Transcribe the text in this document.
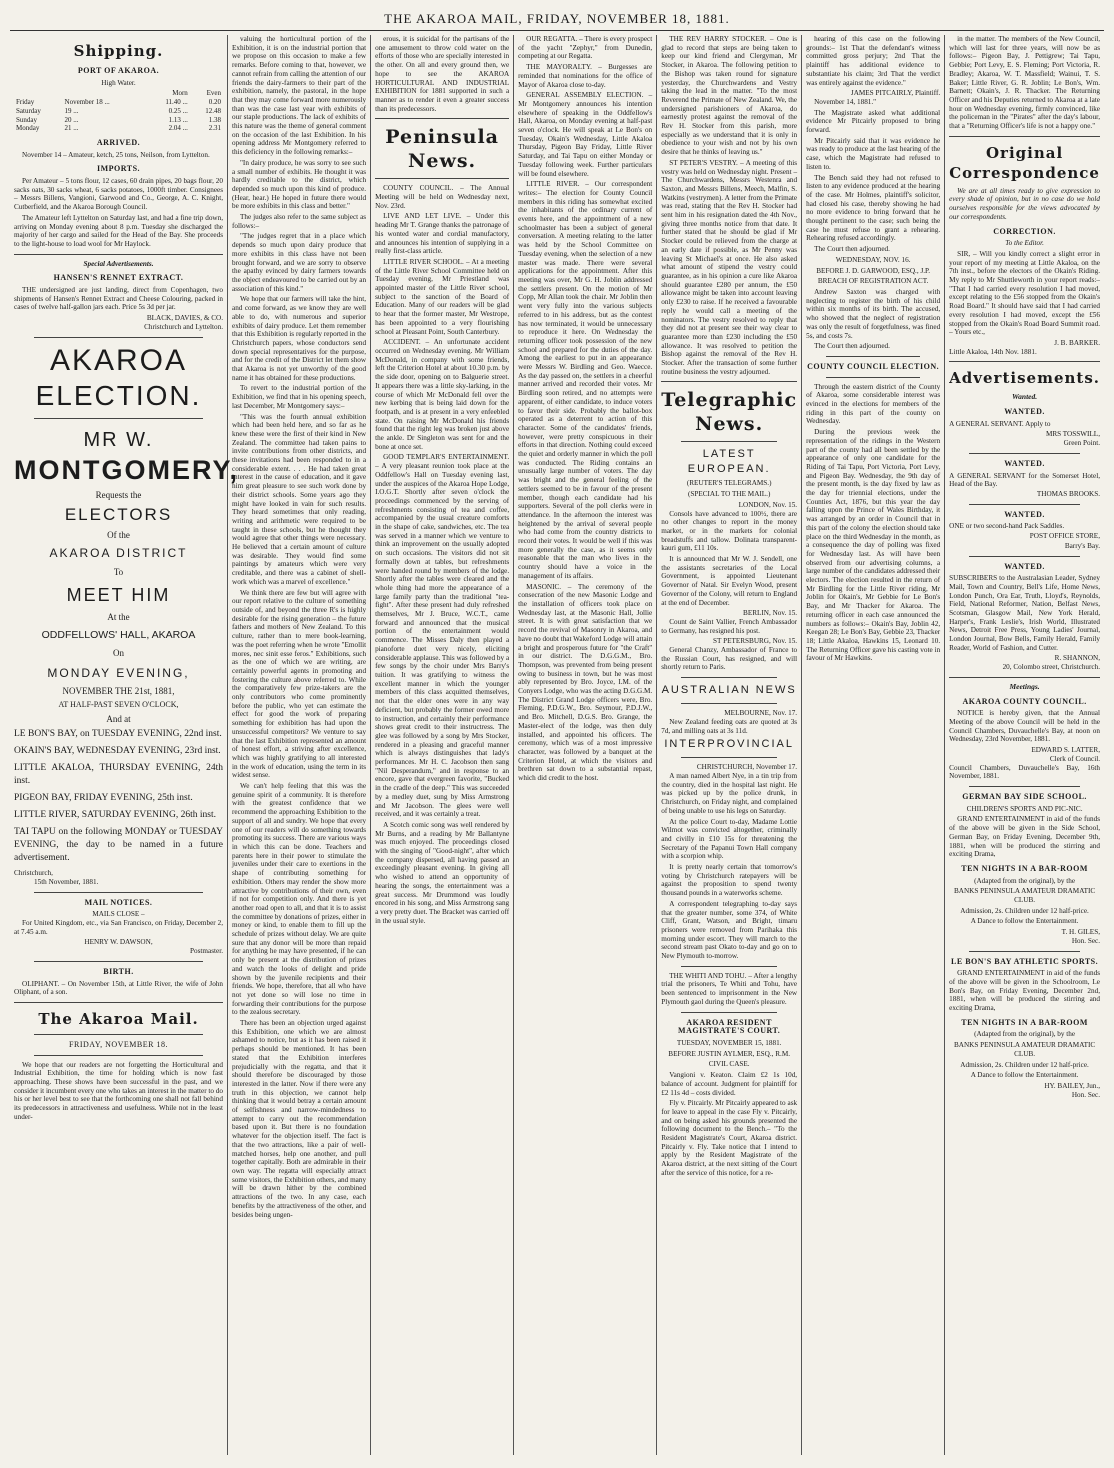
THE AKAROA MAIL, FRIDAY, NOVEMBER 18, 1881.
Shipping.
PORT OF AKAROA.
High Water.
		Morn	Even
Friday	November 18 ...	11.40 ...	0.20
Saturday	19 ...	0.25 ...	12.48
Sunday	20 ...	1.13 ...	1.38
Monday	21 ...	2.04 ...	2.31
ARRIVED.

November 14 – Amateur, ketch, 25 tons, Neilson, from Lyttelton.

IMPORTS.

Per Amateur – 5 tons flour, 12 cases, 60 drain pipes, 20 bags flour, 20 sacks oats, 30 sacks wheat, 6 sacks potatoes, 1000ft timber. Consignees – Messrs Billens, Vangioni, Garwood and Co., George, A. C. Knight, Cutberfield, and the Akaroa Borough Council.

The Amateur left Lyttelton on Saturday last, and had a fine trip down, arriving on Monday evening about 8 p.m. Tuesday she discharged the majority of her cargo and sailed for the Head of the Bay. She proceeds to the light-house to load wool for Mr Haylock.

Special Advertisements.
HANSEN'S RENNET EXTRACT.

THE undersigned are just landing, direct from Copenhagen, two shipments of Hansen's Rennet Extract and Cheese Colouring, packed in cases of twelve half-gallon jars each. Price 5s 3d per jar.

BLACK, DAVIES, & CO.
Christchurch and Lyttelton.
AKAROA
ELECTION.
MR W.
MONTGOMERY,
Requests the
ELECTORS
Of the
AKAROA DISTRICT
To
MEET HIM
At the
ODDFELLOWS' HALL, AKAROA
On
MONDAY EVENING,
NOVEMBER THE 21st, 1881,
AT HALF-PAST SEVEN O'CLOCK,
And at

LE BON'S BAY, on TUESDAY EVENING, 22nd inst.

OKAIN'S BAY, WEDNESDAY EVENING, 23rd inst.

LITTLE AKALOA, THURSDAY EVENING, 24th inst.

PIGEON BAY, FRIDAY EVENING, 25th inst.

LITTLE RIVER, SATURDAY EVENING, 26th inst.

TAI TAPU on the following MONDAY or TUESDAY EVENING, the day to be named in a future advertisement.

Christchurch,
15th November, 1881.
MAIL NOTICES.
MAILS CLOSE –

For United Kingdom, etc., via San Francisco, on Friday, December 2, at 7.45 a.m.

HENRY W. DAWSON,
Postmaster.
BIRTH.

OLIPHANT. – On November 15th, at Little River, the wife of John Oliphant, of a son.

The Akaroa Mail.
FRIDAY, NOVEMBER 18.

We hope that our readers are not forgetting the Horticultural and Industrial Exhibition, the time for holding which is now fast approaching. These shows have been successful in the past, and we consider it incumbent every one who takes an interest in the matter to do his or her level best to see that the forthcoming one shall not fall behind its predecessors in attractiveness and usefulness. While not in the least under-

valuing the horticultural portion of the Exhibition, it is on the industrial portion that we propose on this occasion to make a few remarks. Before coming to that, however, we cannot refrain from calling the attention of our friends the dairy-farmers to their part of the exhibition, namely, the pastoral, in the hope that they may come forward more numerously than was the case last year with exhibits of our staple productions. The lack of exhibits of this nature was the theme of general comment on the occasion of the last Exhibition. In his opening address Mr Montgomery referred to this deficiency in the following remarks:–

"In dairy produce, he was sorry to see such a small number of exhibits. He thought it was hardly creditable to the district, which depended so much upon this kind of produce. (Hear, hear.) He hoped in future there would be more exhibits in this class and better."

The judges also refer to the same subject as follows:–

"The judges regret that in a place which depends so much upon dairy produce that more exhibits in this class have not been brought forward, and we are sorry to observe the apathy evinced by dairy farmers towards the object endeavoured to be carried out by an association of this kind."

We hope that our farmers will take the hint, and come forward, as we know they are well able to do, with numerous and superior exhibits of dairy produce. Let them remember that this Exhibition is regularly reported in the Christchurch papers, whose conductors send down special representatives for the purpose, and for the credit of the District let them show that Akaroa is not yet unworthy of the good name it has obtained for these productions.

To revert to the industrial portion of the Exhibition, we find that in his opening speech, last December, Mr Montgomery says:–

"This was the fourth annual exhibition which had been held here, and so far as he knew these were the first of their kind in New Zealand. The committee had taken pains to invite contributions from other districts, and these invitations had been responded to in a considerable extent. . . . He had taken great interest in the cause of education, and it gave him great pleasure to see such work done by their district schools. Some years ago they might have looked in vain for such results. They heard sometimes that only reading, writing and arithmetic were required to be taught in these schools, but he thought they would agree that other things were necessary. He believed that a certain amount of culture was desirable. They would find some paintings by amateurs which were very creditable, and there was a cabinet of shell-work which was a marvel of excellence."

We think there are few but will agree with our report relative to the culture of something outside of, and beyond the three R's is highly desirable for the rising generation – the future fathers and mothers of New Zealand. To this culture, rather than to mere book-learning, was the poet referring when he wrote "Emollit mores, nec sinit esse feros." Exhibitions, such as the one of which we are writing, are certainly powerful agents in promoting and fostering the culture above referred to. While the comparatively few prize-takers are the only contributors who come prominently before the public, who yet can estimate the effect for good the work of preparing something for exhibition has had upon the unsuccessful competitors? We venture to say that the last Exhibition represented an amount of honest effort, a striving after excellence, which was highly gratifying to all interested in the work of education, using the term in its widest sense.

We can't help feeling that this was the genuine spirit of a community. It is therefore with the greatest confidence that we recommend the approaching Exhibition to the support of all and sundry. We hope that every one of our readers will do something towards promoting its success. There are various ways in which this can be done. Teachers and parents here in their power to stimulate the juveniles under their care to exertions in the shape of contributing something for exhibition. Others may render the show more attractive by contributions of their own, even if not for competition only. And there is yet another road open to all, and that it is to assist the committee by donations of prizes, either in money or kind, to enable them to fill up the schedule of prizes without delay. We are quite sure that any donor will be more than repaid for anything he may have presented, if he can only be present at the distribution of prizes and watch the looks of delight and pride shown by the juvenile recipients and their friends. We hope, therefore, that all who have not yet done so will lose no time in forwarding their contributions for the purpose to the zealous secretary.

There has been an objection urged against this Exhibition, one which we are almost ashamed to notice, but as it has been raised it perhaps should be mentioned. It has been stated that the Exhibition interferes prejudicially with the regatta, and that it should therefore be discouraged by those interested in the latter. Now if there were any truth in this objection, we cannot help thinking that it would betray a certain amount of selfishness and narrow-mindedness to attempt to carry out the recommendation based upon it. But there is no foundation whatever for the objection itself. The fact is that the two attractions, like a pair of well-matched horses, help one another, and pull together capitally. Both are admirable in their own way. The regatta will especially attract some visitors, the Exhibition others, and many will be drawn hither by the combined attractions of the two. In any case, each benefits by the attractiveness of the other, and besides being ungen-

erous, it is suicidal for the partisans of the one amusement to throw cold water on the efforts of those who are specially interested in the other. On all and every ground then, we hope to see the AKAROA HORTICULTURAL AND INDUSTRIAL EXHIBITION for 1881 supported in such a manner as to render it even a greater success than its predecessors.

Peninsula News.

COUNTY COUNCIL. – The Annual Meeting will be held on Wednesday next, Nov. 23rd.

LIVE AND LET LIVE. – Under this heading Mr T. Grange thanks the patronage of his wonted water and cordial manufactory, and announces his intention of supplying in a really first-class article.

LITTLE RIVER SCHOOL. – At a meeting of the Little River School Committee held on Tuesday evening, Mr Priestland was appointed master of the Little River school, subject to the sanction of the Board of Education. Many of our readers will be glad to hear that the former master, Mr Westrope, has been appointed to a very flourishing school at Pleasant Point, South Canterbury.

ACCIDENT. – An unfortunate accident occurred on Wednesday evening. Mr William McDonald, in company with some friends, left the Criterion Hotel at about 10.30 p.m. by the side door, opening on to Balguerie street. It appears there was a little sky-larking, in the course of which Mr McDonald fell over the new kerbing that is being laid down for the footpath, and is at present in a very enfeebled state. On raising Mr McDonald his friends found that the right leg was broken just above the ankle. Dr Singleton was sent for and the bone at once set.

GOOD TEMPLAR'S ENTERTAINMENT. – A very pleasant reunion took place at the Oddfellow's Hall on Tuesday evening last, under the auspices of the Akaroa Hope Lodge, I.O.G.T. Shortly after seven o'clock the proceedings commenced by the serving of refreshments consisting of tea and coffee, accompanied by the usual creature comforts in the shape of cake, sandwiches, etc. The tea was served in a manner which we venture to think an improvement on the usually adopted on such occasions. The visitors did not sit formally down at tables, but refreshments were handed round by members of the lodge. Shortly after the tables were cleared and the whole thing had more the appearance of a large family party than the traditional "tea-fight". After these present had duly refreshed themselves, Mr J. Bruce, W.C.T., came forward and announced that the musical portion of the entertainment would commence. The Misses Daly then played a pianoforte duet very nicely, eliciting considerable applause. This was followed by a few songs by the choir under Mrs Barry's tuition. It was gratifying to witness the excellent manner in which the younger members of this class acquitted themselves, not that the elder ones were in any way deficient, but probably the former owed more to instruction, and certainly their performance shows great credit to their instructress. The glee was followed by a song by Mrs Stocker, rendered in a pleasing and graceful manner which is always distinguishes that lady's performances. Mr H. C. Jacobson then sang "Nil Desperandum," and in response to an encore, gave that evergreen favorite, "Bucked in the cradle of the deep." This was succeeded by a medley duet, sung by Miss Armstrong and Mr Jacobson. The glees were well received, and it was certainly a treat.

A Scotch comic song was well rendered by Mr Burns, and a reading by Mr Ballantyne was much enjoyed. The proceedings closed with the singing of "Good-night", after which the company dispersed, all having passed an exceedingly pleasant evening. In giving all who wished to attend an opportunity of hearing the songs, the entertainment was a great success. Mr Drummond was loudly encored in his song, and Miss Armstrong sang a very pretty duet. The Bracket was carried off in the usual style.

OUR REGATTA. – There is every prospect of the yacht "Zephyr," from Dunedin, competing at our Regatta.

THE MAYORALTY. – Burgesses are reminded that nominations for the office of Mayor of Akaroa close to-day.

GENERAL ASSEMBLY ELECTION. – Mr Montgomery announces his intention elsewhere of speaking in the Oddfellow's Hall, Akaroa, on Monday evening at half-past seven o'clock. He will speak at Le Bon's on Tuesday, Okain's Wednesday, Little Akaloa Thursday, Pigeon Bay Friday, Little River Saturday, and Tai Tapu on either Monday or Tuesday following week. Further particulars will be found elsewhere.

LITTLE RIVER. – Our correspondent writes:– The election for County Council members in this riding has somewhat excited the inhabitants of the ordinary current of events here, and the appointment of a new schoolmaster has been a subject of general conversation. A meeting relating to the latter was held by the School Committee on Tuesday evening, when the selection of a new master was made. There were several applications for the appointment. After this meeting was over, Mr G. H. Joblin addressed the settlers present. On the motion of Mr Copp, Mr Allan took the chair. Mr Joblin then went very fully into the various subjects referred to in his address, but as the contest has now terminated, it would be unnecessary to reproduce it here. On Wednesday the returning officer took possession of the new school and prepared for the duties of the day. Among the earliest to put in an appearance were Messrs W. Birdling and Geo. Waecce. As the day passed on, the settlers in a cheerful manner arrived and recorded their votes. Mr Birdling soon retired, and no attempts were apparent, of either candidate, to induce voters to favor their side. Probably the ballot-box operated as a deterrent to action of this character. Some of the candidates' friends, however, were pretty conspicuous in their efforts in that direction. Nothing could exceed the quiet and orderly manner in which the poll was conducted. The Riding contains an unusually large number of voters. The day was bright and the general feeling of the settlers seemed to be in favour of the present member, though each candidate had his supporters. Several of the poll clerks were in attendance. In the afternoon the interest was heightened by the arrival of several people who had come from the country districts to record their votes. It would be well if this was more generally the case, as it seems only reasonable that the man who lives in the country should have a voice in the management of its affairs.

MASONIC. – The ceremony of the consecration of the new Masonic Lodge and the installation of officers took place on Wednesday last, at the Masonic Hall, Jollie street. It is with great satisfaction that we record the revival of Masonry in Akaroa, and have no doubt that Wakeford Lodge will attain a bright and prosperous future for "the Craft" in our district. The D.G.G.M., Bro. Thompson, was prevented from being present owing to business in town, but he was most ably represented by Bro. Joyce, I.M. of the Conyers Lodge, who was the acting D.G.G.M. The District Grand Lodge officers were, Bro. Fleming, P.D.G.W., Bro. Seymour, P.D.J.W., and Bro. Mitchell, D.G.S. Bro. Grange, the Master-elect of the lodge, was then duly installed, and appointed his officers. The ceremony, which was of a most impressive character, was followed by a banquet at the Criterion Hotel, at which the visitors and brethren sat down to a substantial repast, which did credit to the host.

THE REV HARRY STOCKER. – One is glad to record that steps are being taken to keep our kind friend and Clergyman, Mr Stocker, in Akaroa. The following petition to the Bishop was taken round for signature yesterday, the Churchwardens and Vestry taking the lead in the matter. "To the most Reverend the Primate of New Zealand. We, the undersigned parishioners of Akaroa, do earnestly protest against the removal of the Rev H. Stocker from this parish, more especially as we understand that it is only in obedience to your wish and not by his own desire that he thinks of leaving us."

ST PETER'S VESTRY. – A meeting of this vestry was held on Wednesday night. Present – The Churchwardens, Messrs Westenra and Saxton, and Messrs Billens, Meech, Malfin, S. Watkins (vestrymen). A letter from the Primate was read, stating that the Rev H. Stocker had sent him in his resignation dated the 4th Nov., giving three months notice from that date. It further stated that he should be glad if Mr Stocker could be relieved from the charge at an early date if possible, as Mr Penny was leaving St Michael's at once. He also asked what amount of stipend the vestry could guarantee, as in his opinion a cure like Akaroa should guarantee £280 per annum, the £50 allowance might be taken into account leaving only £230 to raise. If he received a favourable reply he would call a meeting of the nominators. The vestry resolved to reply that they did not at present see their way clear to guarantee more than £230 including the £50 allowance. It was resolved to petition the Bishop against the removal of the Rev H. Stocker. After the transaction of some further routine business the vestry adjourned.

Telegraphic News.
LATEST EUROPEAN.
(REUTER'S TELEGRAMS.)
(SPECIAL TO THE MAIL.)
LONDON, Nov. 15.

Consols have advanced to 100½, there are no other changes to report in the money market, or in the markets for colonial breadstuffs and tallow. Dolinata transparent-kauri gum, £11 10s.

It is announced that Mr W. J. Sendell, one the assistants secretaries of the Local Government, is appointed Lieutenant Governor of Natal. Sir Evelyn Wood, present Governor of the Colony, will return to England at the end of December.

BERLIN, Nov. 15.

Count de Saint Vallier, French Ambassador to Germany, has resigned his post.

ST PETERSBURG, Nov. 15.

General Chanzy, Ambassador of France to the Russian Court, has resigned, and will shortly return to Paris.

AUSTRALIAN NEWS
MELBOURNE, Nov. 17.

New Zealand feeding oats are quoted at 3s 7d, and milling oats at 3s 11d.

INTERPROVINCIAL
CHRISTCHURCH, November 17.

A man named Albert Nye, in a tin trip from the country, died in the hospital last night. He was picked up by the police drunk, in Christchurch, on Friday night, and complained of being unable to use his legs on Saturday.

At the police Court to-day, Madame Lottie Wilmot was convicted altogether, criminally and civilly in £10 15s for threatening the Secretary of the Papanui Town Hall company with a scorpion whip.

It is pretty nearly certain that tomorrow's voting by Christchurch ratepayers will be against the proposition to spend twenty thousand pounds in a waterworks scheme.

A correspondent telegraphing to-day says that the greater number, some 374, of White Cliff, Grant, Watson, and Bright, timaru prisoners were removed from Parihaka this morning under escort. They will march to the second stream past Okato to-day and go on to New Plymouth to-morrow.

THE WHITI AND TOHU. – After a lengthy trial the prisoners, Te Whiti and Tohu, have been sentenced to imprisonment in the New Plymouth gaol during the Queen's pleasure.

AKAROA RESIDENT MAGISTRATE'S COURT.
TUESDAY, NOVEMBER 15, 1881.
BEFORE JUSTIN AYLMER, ESQ., R.M.
CIVIL CASE.

Vangioni v. Keaton. Claim £2 1s 10d, balance of account. Judgment for plaintiff for £2 11s 4d – costs divided.

Fly v. Pitcairly. Mr Pitcairly appeared to ask for leave to appeal in the case Fly v. Pitcairly, and on being asked his grounds presented the following document to the Bench.– "To the Resident Magistrate's Court, Akaroa district. Pitcairly v. Fly. Take notice that I intend to apply by the Resident Magistrate of the Akaroa district, at the next sitting of the Court after the service of this notice, for a re-

hearing of this case on the following grounds:– 1st That the defendant's witness committed gross perjury; 2nd That the plaintiff has additional evidence to substantiate his claim; 3rd That the verdict was entirely against the evidence."

JAMES PITCAIRLY, Plaintiff.

November 14, 1881."

The Magistrate asked what additional evidence Mr Pitcairly proposed to bring forward.

Mr Pitcairly said that it was evidence he was ready to produce at the last hearing of the case, which the Magistrate had refused to listen to.

The Bench said they had not refused to listen to any evidence produced at the hearing of the case. Mr Holmes, plaintiff's solicitor, had closed his case, thereby showing he had no more evidence to bring forward that he thought pertinent to the case; such being the case he must refuse to grant a rehearing. Rehearing refused accordingly.

The Court then adjourned.

WEDNESDAY, NOV. 16.
BEFORE J. D. GARWOOD, ESQ., J.P.
BREACH OF REGISTRATION ACT.

Andrew Saxton was charged with neglecting to register the birth of his child within six months of its birth. The accused, who showed that the neglect of registration was only the result of forgetfulness, was fined 5s, and costs 7s.

The Court then adjourned.

COUNTY COUNCIL ELECTION.

Through the eastern district of the County of Akaroa, some considerable interest was evinced in the elections for members of the riding in this part of the county on Wednesday.

During the previous week the representation of the ridings in the Western part of the county had all been settled by the appearance of only one candidate for the Riding of Tai Tapu, Port Victoria, Port Levy, and Pigeon Bay. Wednesday, the 9th day of the present month, is the day fixed by law as the day for triennial elections, under the Counties Act, 1876, but this year the day falling upon the Prince of Wales Birthday, it was arranged by an order in Council that in this part of the colony the election should take place on the third Wednesday in the month, as a consequence the day of polling was fixed for Wednesday last. As will have been observed from our advertising columns, a large number of the candidates addressed their electors. The election resulted in the return of Mr Birdling for the Little River riding, Mr Joblin for Okain's, Mr Gebbie for Le Bon's Bay, and Mr Thacker for Akaroa. The returning officer in each case announced the numbers as follows:– Okain's Bay, Joblin 42, Keegan 28; Le Bon's Bay, Gebbie 23, Thacker 18; Little Akaloa, Hawkins 15, Leonard 10. The Returning Officer gave his casting vote in favour of Mr Hawkins.

in the matter. The members of the New Council, which will last for three years, will now be as follows:– Pigeon Bay, J. Pettigrew; Tai Tapu, Gebbie; Port Levy, E. S. Fleming; Port Victoria, R. Bradley; Akaroa, W. T. Massfield; Wainui, T. S. Baker; Little River, G. R. Joblin; Le Bon's, Wm. Barnett; Okain's, J. R. Thacker. The Returning Officer and his Deputies returned to Akaroa at a late hour on Wednesday evening, firmly convinced, like the policeman in the "Pirates" after the day's labour, that a "Returning Officer's life is not a happy one."

Original Correspondence

We are at all times ready to give expression to every shade of opinion, but in no case do we hold ourselves responsible for the views advocated by our correspondents.

CORRECTION.
To the Editor.

SIR, – Will you kindly correct a slight error in your report of my meeting at Little Akaloa, on the 7th inst., before the electors of the Okain's Riding. My reply to Mr Shuttleworth in your report reads:– "That I had carried every resolution I had moved, except relating to the £56 stopped from the Okain's Road Board." It should have said that I had carried every resolution I had moved, except the £56 stopped from the Okain's Road Board Summit road. – Yours etc.,

J. B. BARKER.
Little Akaloa, 14th Nov. 1881.
Advertisements.
Wanted.
WANTED.

A GENERAL SERVANT. Apply to

MRS TOSSWILL,

Green Point.

WANTED.

A GENERAL SERVANT for the Somerset Hotel, Head of the Bay.

THOMAS BROOKS.

WANTED.

ONE or two second-hand Pack Saddles.

POST OFFICE STORE,

Barry's Bay.

WANTED.

SUBSCRIBERS to the Australasian Leader, Sydney Mail, Town and Country, Bell's Life, Home News, London Punch, Ora Ear, Truth, Lloyd's, Reynolds, Field, National Reformer, Nation, Belfast News, Scotsman, Glasgow Mail, New York Herald, Harper's, Frank Leslie's, Irish World, Illustrated News, Detroit Free Press, Young Ladies' Journal, London Journal, Bow Bells, Family Herald, Family Reader, World of Fashion, and Cutter.

R. SHANNON,

20, Colombo street, Christchurch.

Meetings.
AKAROA COUNTY COUNCIL.

NOTICE is hereby given, that the Annual Meeting of the above Council will be held in the Council Chambers, Duvauchelle's Bay, at noon on Wednesday, 23rd November, 1881.

EDWARD S. LATTER,
Clerk of Council.
Council Chambers, Duvauchelle's Bay, 16th November, 1881.
GERMAN BAY SIDE SCHOOL.
CHILDREN'S SPORTS AND PIC-NIC.

GRAND ENTERTAINMENT in aid of the funds of the above will be given in the Side School, German Bay, on Friday Evening, December 9th, 1881, when will be produced the stirring and exciting Drama,

TEN NIGHTS IN A BAR-ROOM
(Adapted from the original), by the
BANKS PENINSULA AMATEUR DRAMATIC CLUB.
Admission, 2s. Children under 12 half-price.
A Dance to follow the Entertainment.
T. H. GILES,
Hon. Sec.
LE BON'S BAY ATHLETIC SPORTS.

GRAND ENTERTAINMENT in aid of the funds of the above will be given in the Schoolroom, Le Bon's Bay, on Friday Evening, December 2nd, 1881, when will be produced the stirring and exciting Drama,

TEN NIGHTS IN A BAR-ROOM
(Adapted from the original), by the
BANKS PENINSULA AMATEUR DRAMATIC CLUB.
Admission, 2s. Children under 12 half-price.
A Dance to follow the Entertainment.
HY. BAILEY, Jun.,
Hon. Sec.
